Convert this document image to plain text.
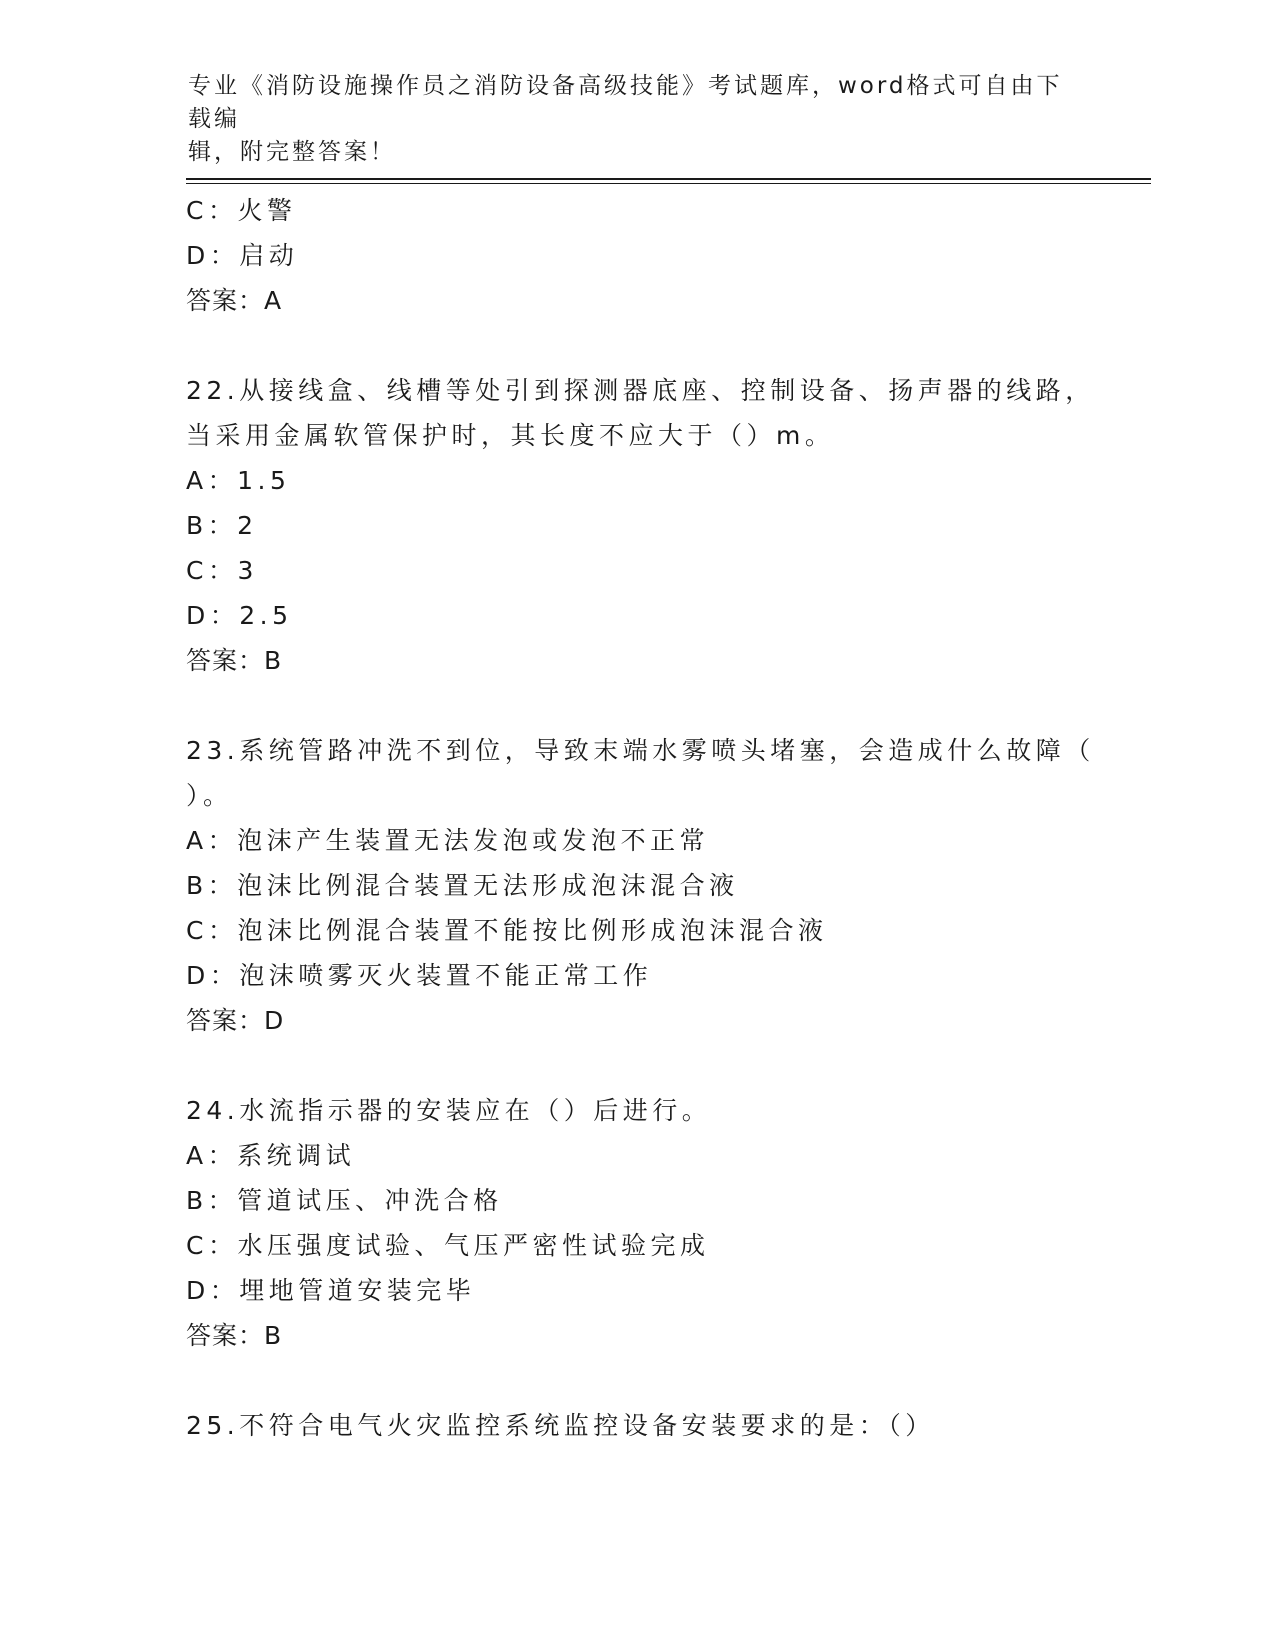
专业《消防设施操作员之消防设备高级技能》考试题库，word格式可自由下载编
辑，附完整答案！
C：火警
D：启动
答案：A
22.从接线盒、线槽等处引到探测器底座、控制设备、扬声器的线路，
当采用金属软管保护时，其长度不应大于（）m。
A：1.5
B：2
C：3
D：2.5
答案：B
23.系统管路冲洗不到位，导致末端水雾喷头堵塞，会造成什么故障（
）。
A：泡沫产生装置无法发泡或发泡不正常
B：泡沫比例混合装置无法形成泡沫混合液
C：泡沫比例混合装置不能按比例形成泡沫混合液
D：泡沫喷雾灭火装置不能正常工作
答案：D
24.水流指示器的安装应在（）后进行。
A：系统调试
B：管道试压、冲洗合格
C：水压强度试验、气压严密性试验完成
D：埋地管道安装完毕
答案：B
25.不符合电气火灾监控系统监控设备安装要求的是：（）
